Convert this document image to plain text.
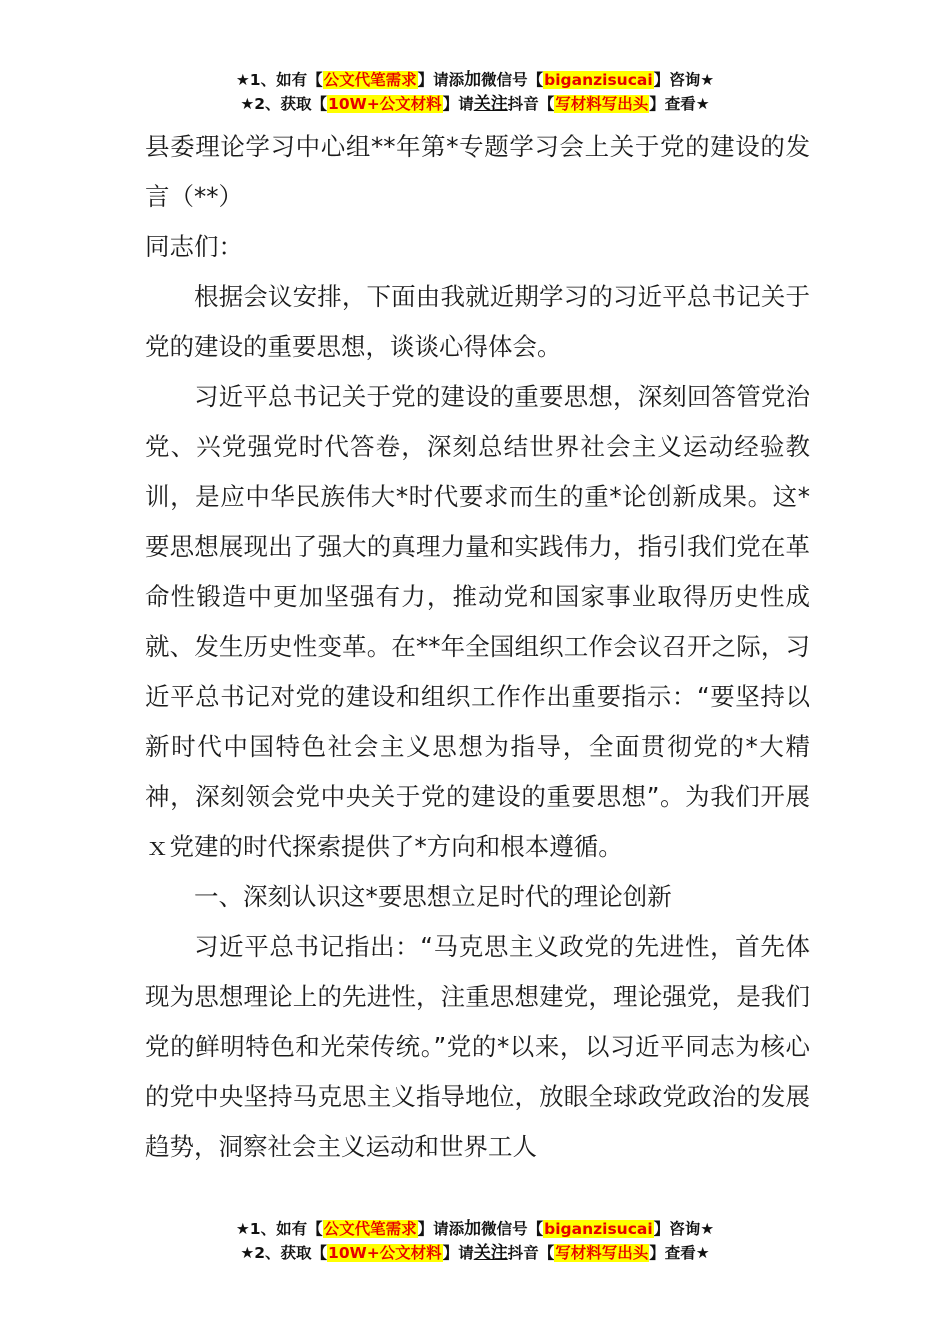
★1、如有【公文代笔需求】请添加微信号【biganzisucai】咨询★
★2、获取【10W+公文材料】请关注抖音【写材料写出头】查看★

县委理论学习中心组**年第*专题学习会上关于党的建设的发言（**）

同志们：

根据会议安排，下面由我就近期学习的习近平总书记关于党的建设的重要思想，谈谈心得体会。

习近平总书记关于党的建设的重要思想，深刻回答管党治党、兴党强党时代答卷，深刻总结世界社会主义运动经验教训，是应中华民族伟大*时代要求而生的重*论创新成果。这*要思想展现出了强大的真理力量和实践伟力，指引我们党在革命性锻造中更加坚强有力，推动党和国家事业取得历史性成就、发生历史性变革。在**年全国组织工作会议召开之际，习近平总书记对党的建设和组织工作作出重要指示：“要坚持以新时代中国特色社会主义思想为指导，全面贯彻党的*大精神，深刻领会党中央关于党的建设的重要思想”。为我们开展ｘ党建的时代探索提供了*方向和根本遵循。

一、深刻认识这*要思想立足时代的理论创新

习近平总书记指出：“马克思主义政党的先进性，首先体现为思想理论上的先进性，注重思想建党，理论强党，是我们党的鲜明特色和光荣传统。”党的*以来，以习近平同志为核心的党中央坚持马克思主义指导地位，放眼全球政党政治的发展趋势，洞察社会主义运动和世界工人

★1、如有【公文代笔需求】请添加微信号【biganzisucai】咨询★
★2、获取【10W+公文材料】请关注抖音【写材料写出头】查看★
